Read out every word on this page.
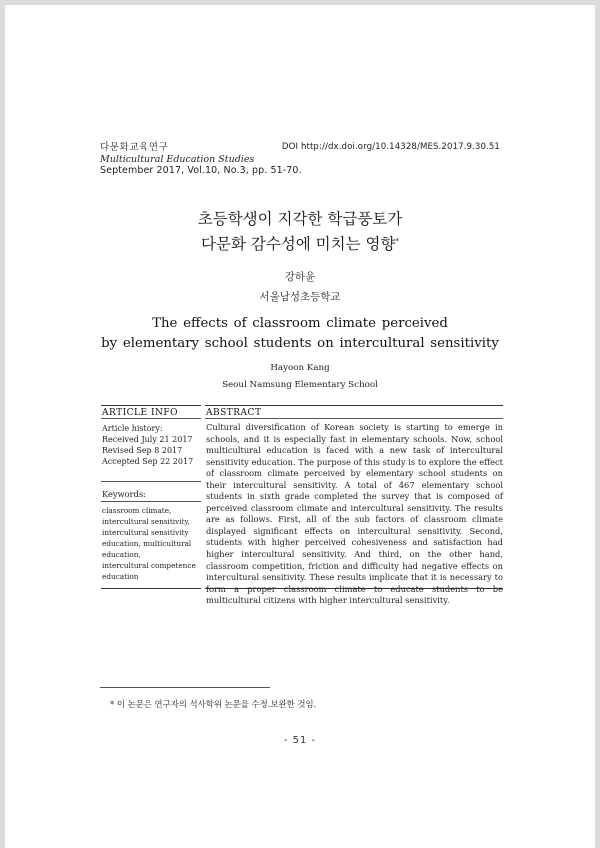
다문화교육연구
Multicultural Education Studies
September 2017, Vol.10, No.3, pp. 51-70.
DOI http://dx.doi.org/10.14328/MES.2017.9.30.51
초등학생이 지각한 학급풍토가
다문화 감수성에 미치는 영향*
강하윤
서울남성초등학교
The effects of classroom climate perceived
by elementary school students on intercultural sensitivity
Hayoon Kang
Seoul Namsung Elementary School
ARTICLE INFO	ABSTRACT
Article history:
Received July 21 2017
Revised Sep 8 2017
Accepted Sep 22 2017
Keywords:
classroom climate,
intercultural sensitivity,
intercultural sensitivity
education, multicultural
education,
intercultural competence
education
Cultural diversification of Korean society is starting to emerge in schools, and it is especially fast in elementary schools. Now, school multicultural education is faced with a new task of intercultural sensitivity education. The purpose of this study is to explore the effect of classroom climate perceived by elementary school students on their intercultural sensitivity. A total of 467 elementary school students in sixth grade completed the survey that is composed of perceived classroom climate and intercultural sensitivity. The results are as follows. First, all of the sub factors of classroom climate displayed significant effects on intercultural sensitivity. Second, students with higher perceived cohesiveness and satisfaction had higher intercultural sensitivity. And third, on the other hand, classroom competition, friction and difficulty had negative effects on intercultural sensitivity. These results implicate that it is necessary to multicultural citizens with higher intercultural sensitivity.
* 이 논문은 연구자의 석사학위 논문을 수정․보완한 것임.
- 51 -
